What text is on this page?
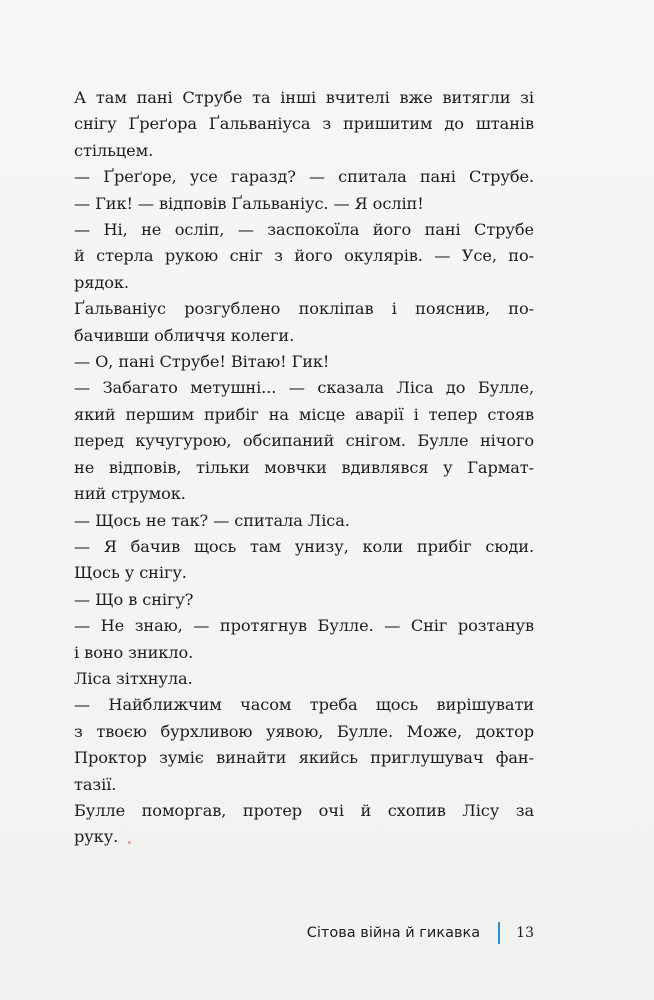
А там пані Струбе та інші вчителі вже витягли зі
снігу Ґреґора Ґальваніуса з пришитим до штанів
стільцем.
— Ґреґоре, усе гаразд? — спитала пані Струбе.
— Гик! — відповів Ґальваніус. — Я осліп!
— Ні, не осліп, — заспокоїла його пані Струбе
й стерла рукою сніг з його окулярів. — Усе, по-
рядок.
Ґальваніус розгублено покліпав і пояснив, по-
бачивши обличчя колеги.
— О, пані Струбе! Вітаю! Гик!
— Забагато метушні... — сказала Ліса до Булле,
який першим прибіг на місце аварії і тепер стояв
перед кучугурою, обсипаний снігом. Булле нічого
не відповів, тільки мовчки вдивлявся у Гармат-
ний струмок.
— Щось не так? — спитала Ліса.
— Я бачив щось там унизу, коли прибіг сюди.
Щось у снігу.
— Що в снігу?
— Не знаю, — протягнув Булле. — Сніг розтанув
і воно зникло.
Ліса зітхнула.
— Найближчим часом треба щось вирішувати
з твоєю бурхливою уявою, Булле. Може, доктор
Проктор зуміє винайти якийсь приглушувач фан-
тазії.
Булле поморгав, протер очі й схопив Лісу за
руку. ˛
Сітова війна й гикавка	13
